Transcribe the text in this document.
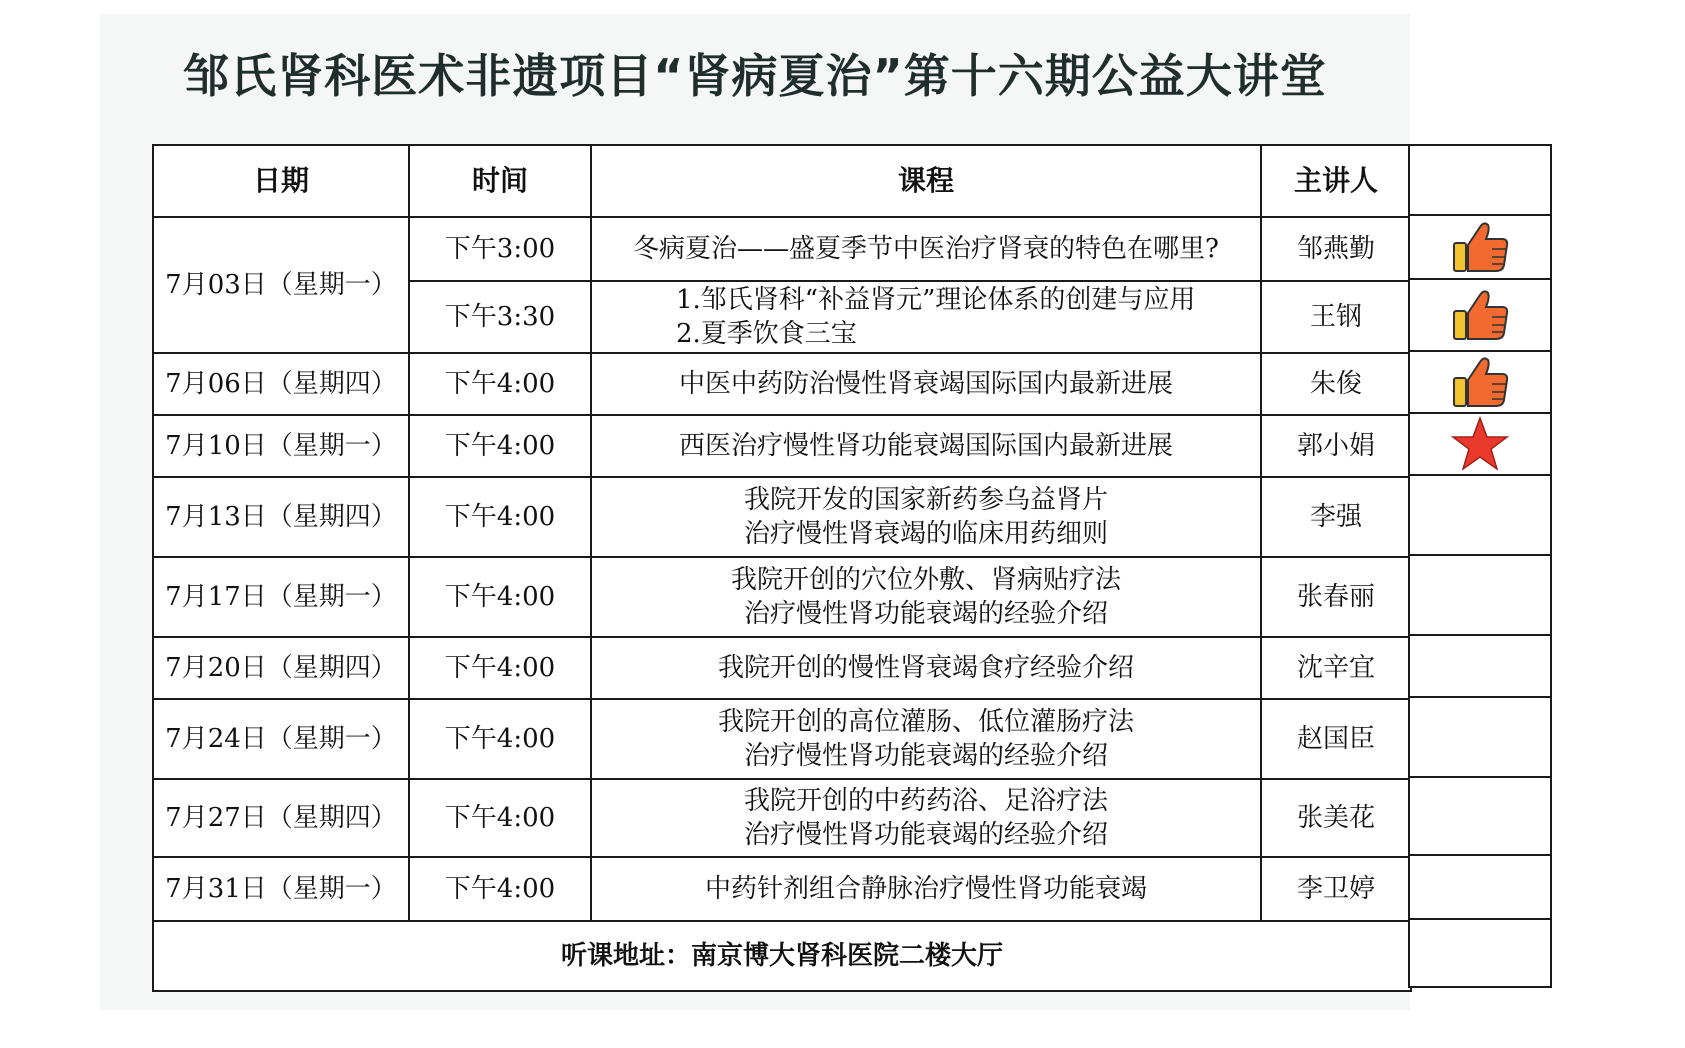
邹氏肾科医术非遗项目“肾病夏治”第十六期公益大讲堂
日期	时间	课程	主讲人
7月03日（星期一）	下午3:00	冬病夏治——盛夏季节中医治疗肾衰的特色在哪里?	邹燕勤
	下午3:30	1.邹氏肾科“补益肾元”理论体系的创建与应用
2.夏季饮食三宝	王钢
7月06日（星期四）	下午4:00	中医中药防治慢性肾衰竭国际国内最新进展	朱俊
7月10日（星期一）	下午4:00	西医治疗慢性肾功能衰竭国际国内最新进展	郭小娟
7月13日（星期四）	下午4:00	我院开发的国家新药参乌益肾片
治疗慢性肾衰竭的临床用药细则	李强
7月17日（星期一）	下午4:00	我院开创的穴位外敷、肾病贴疗法
治疗慢性肾功能衰竭的经验介绍	张春丽
7月20日（星期四）	下午4:00	我院开创的慢性肾衰竭食疗经验介绍	沈辛宜
7月24日（星期一）	下午4:00	我院开创的高位灌肠、低位灌肠疗法
治疗慢性肾功能衰竭的经验介绍	赵国臣
7月27日（星期四）	下午4:00	我院开创的中药药浴、足浴疗法
治疗慢性肾功能衰竭的经验介绍	张美花
7月31日（星期一）	下午4:00	中药针剂组合静脉治疗慢性肾功能衰竭	李卫婷
听课地址：南京博大肾科医院二楼大厅			
